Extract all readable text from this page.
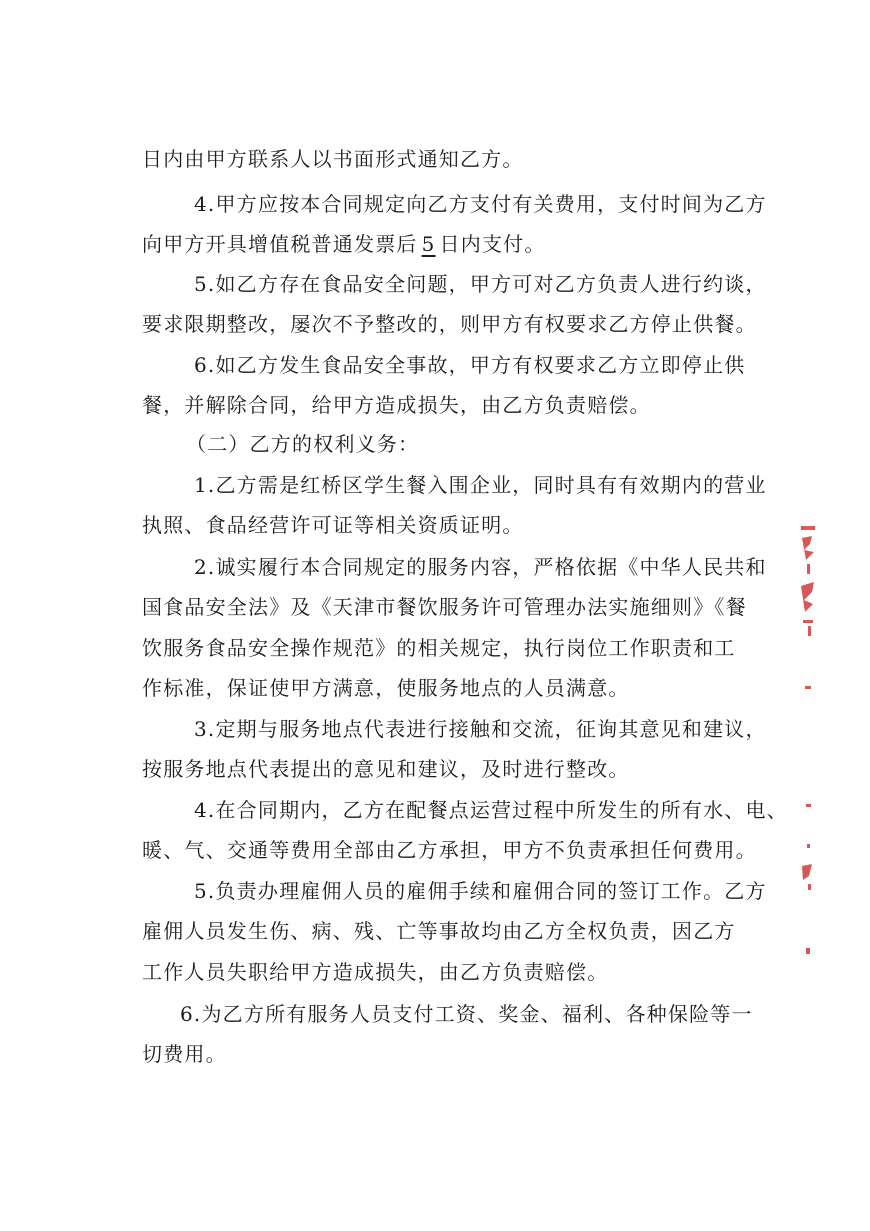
日内由甲方联系人以书面形式通知乙方。
4.甲方应按本合同规定向乙方支付有关费用，支付时间为乙方
向甲方开具增值税普通发票后 5 日内支付。
5.如乙方存在食品安全问题，甲方可对乙方负责人进行约谈，
要求限期整改，屡次不予整改的，则甲方有权要求乙方停止供餐。
6.如乙方发生食品安全事故，甲方有权要求乙方立即停止供
餐，并解除合同，给甲方造成损失，由乙方负责赔偿。
（二）乙方的权利义务：
1.乙方需是红桥区学生餐入围企业，同时具有有效期内的营业
执照、食品经营许可证等相关资质证明。
2.诚实履行本合同规定的服务内容，严格依据《中华人民共和
国食品安全法》及《天津市餐饮服务许可管理办法实施细则》《餐
饮服务食品安全操作规范》的相关规定，执行岗位工作职责和工
作标准，保证使甲方满意，使服务地点的人员满意。
3.定期与服务地点代表进行接触和交流，征询其意见和建议，
按服务地点代表提出的意见和建议，及时进行整改。
4.在合同期内，乙方在配餐点运营过程中所发生的所有水、电、
暖、气、交通等费用全部由乙方承担，甲方不负责承担任何费用。
5.负责办理雇佣人员的雇佣手续和雇佣合同的签订工作。乙方
雇佣人员发生伤、病、残、亡等事故均由乙方全权负责，因乙方
工作人员失职给甲方造成损失，由乙方负责赔偿。
6.为乙方所有服务人员支付工资、奖金、福利、各种保险等一
切费用。
